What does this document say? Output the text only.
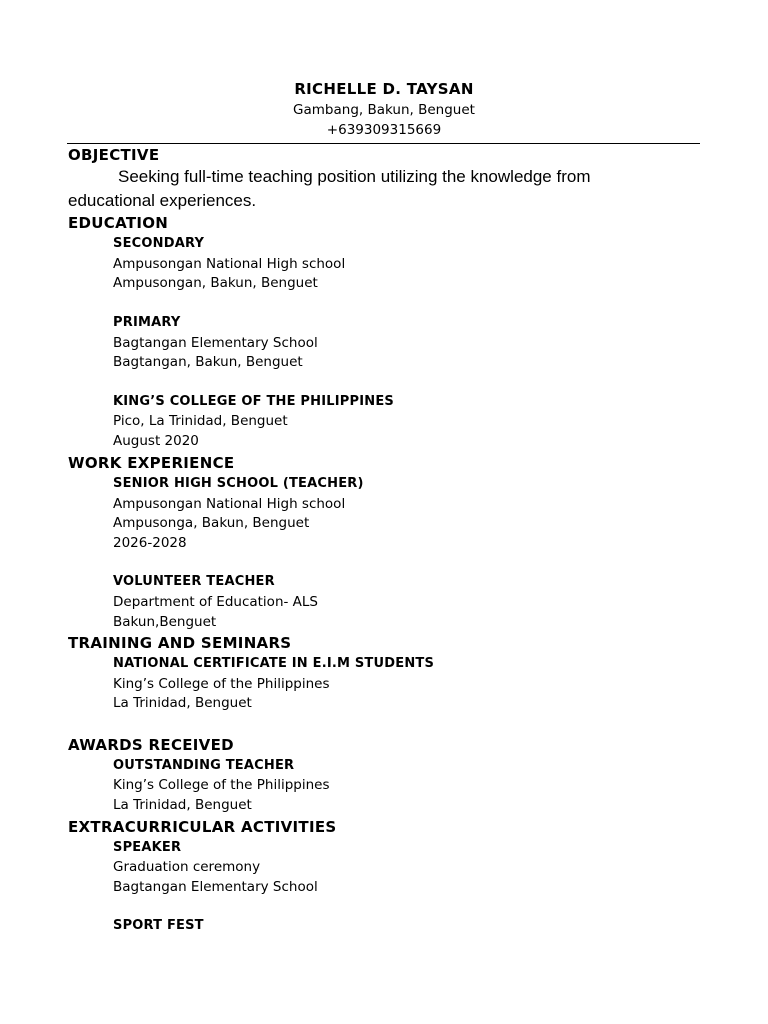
RICHELLE D. TAYSAN
Gambang, Bakun, Benguet
+639309315669
OBJECTIVE
Seeking full-time teaching position utilizing the knowledge from
educational experiences.
EDUCATION
SECONDARY
Ampusongan National High school
Ampusongan, Bakun, Benguet
PRIMARY
Bagtangan Elementary School
Bagtangan, Bakun, Benguet
KING’S COLLEGE OF THE PHILIPPINES
Pico, La Trinidad, Benguet
August 2020
WORK EXPERIENCE
SENIOR HIGH SCHOOL (TEACHER)
Ampusongan National High school
Ampusonga, Bakun, Benguet
2026-2028
VOLUNTEER TEACHER
Department of Education- ALS
Bakun,Benguet
TRAINING AND SEMINARS
NATIONAL CERTIFICATE IN E.I.M STUDENTS
King’s College of the Philippines
La Trinidad, Benguet
AWARDS RECEIVED
OUTSTANDING TEACHER
King’s College of the Philippines
La Trinidad, Benguet
EXTRACURRICULAR ACTIVITIES
SPEAKER
Graduation ceremony
Bagtangan Elementary School
SPORT FEST
